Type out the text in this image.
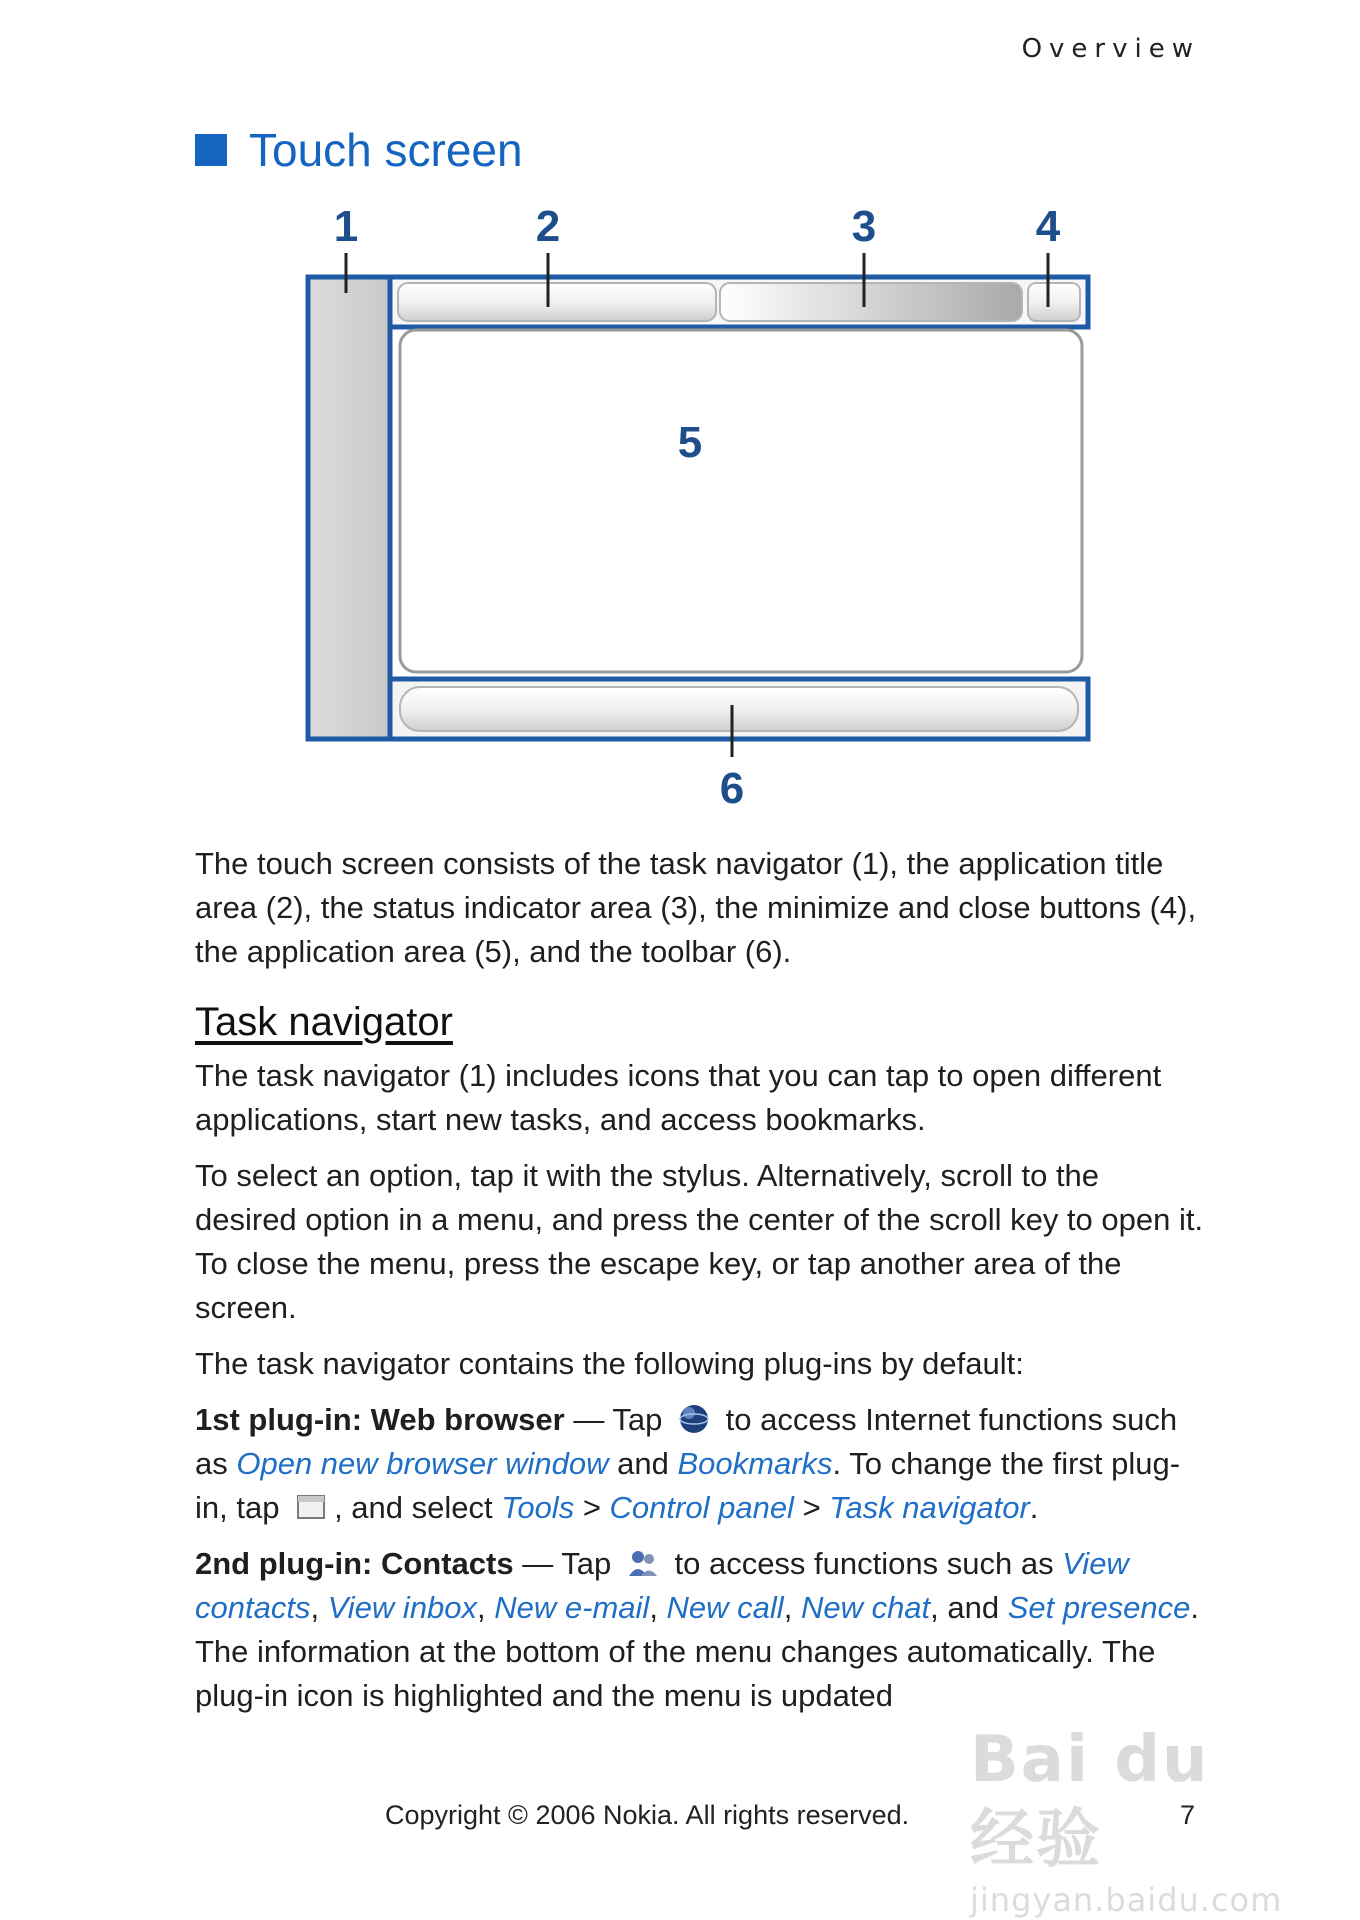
Overview
Touch screen
1	2	3	4
5
6

The touch screen consists of the task navigator (1), the application title area (2), the status indicator area (3), the minimize and close buttons (4), the application area (5), and the toolbar (6).

Task navigator

The task navigator (1) includes icons that you can tap to open different applications, start new tasks, and access bookmarks.

To select an option, tap it with the stylus. Alternatively, scroll to the desired option in a menu, and press the center of the scroll key to open it. To close the menu, press the escape key, or tap another area of the screen.

The task navigator contains the following plug-ins by default:

1st plug-in: Web browser — Tap  to access Internet functions such as Open new browser window and Bookmarks. To change the first plug-in, tap , and select Tools > Control panel > Task navigator.

2nd plug-in: Contacts — Tap  to access functions such as View contacts, View inbox, New e-mail, New call, New chat, and Set presence. The information at the bottom of the menu changes automatically. The plug-in icon is highlighted and the menu is updated

Copyright © 2006 Nokia. All rights reserved.	7
Bai du 经验
jingyan.baidu.com
